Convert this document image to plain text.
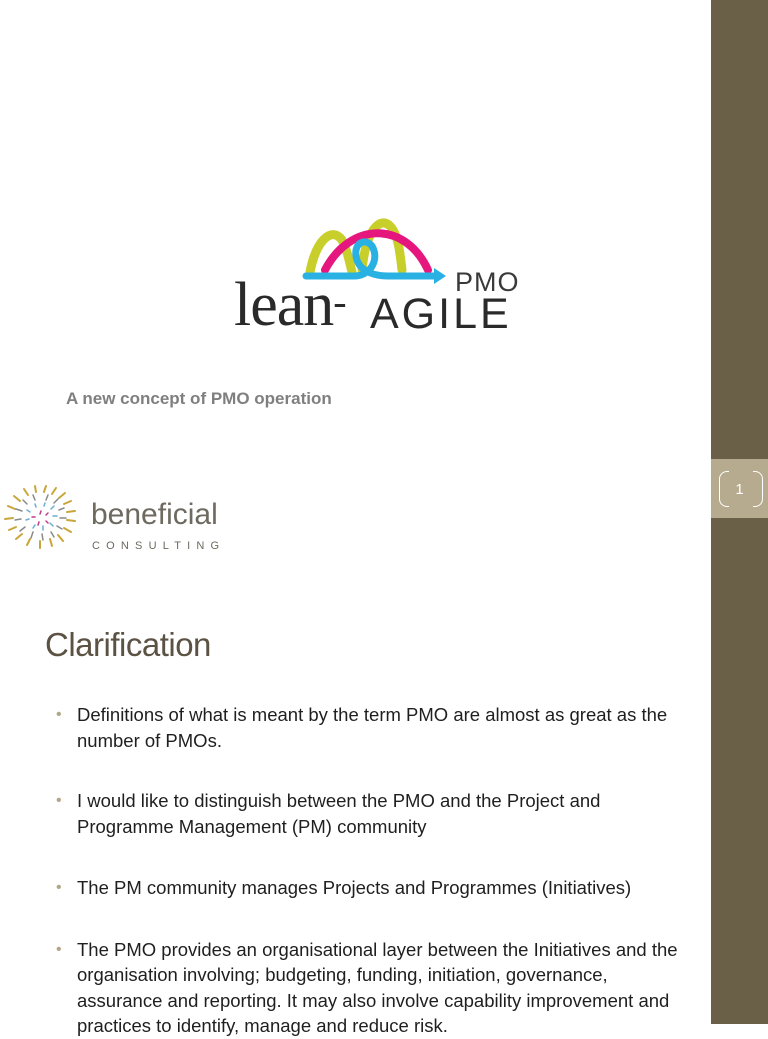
1
PMO
lean- AGILE
A new concept of PMO operation
beneficial
CONSULTING
Clarification
• Definitions of what is meant by the term PMO are almost as great as the number of PMOs.
• I would like to distinguish between the PMO and the Project and Programme Management (PM) community
• The PM community manages Projects and Programmes (Initiatives)
• The PMO provides an organisational layer between the Initiatives and the organisation involving; budgeting, funding, initiation, governance, assurance and reporting. It may also involve capability improvement and practices to identify, manage and reduce risk.
